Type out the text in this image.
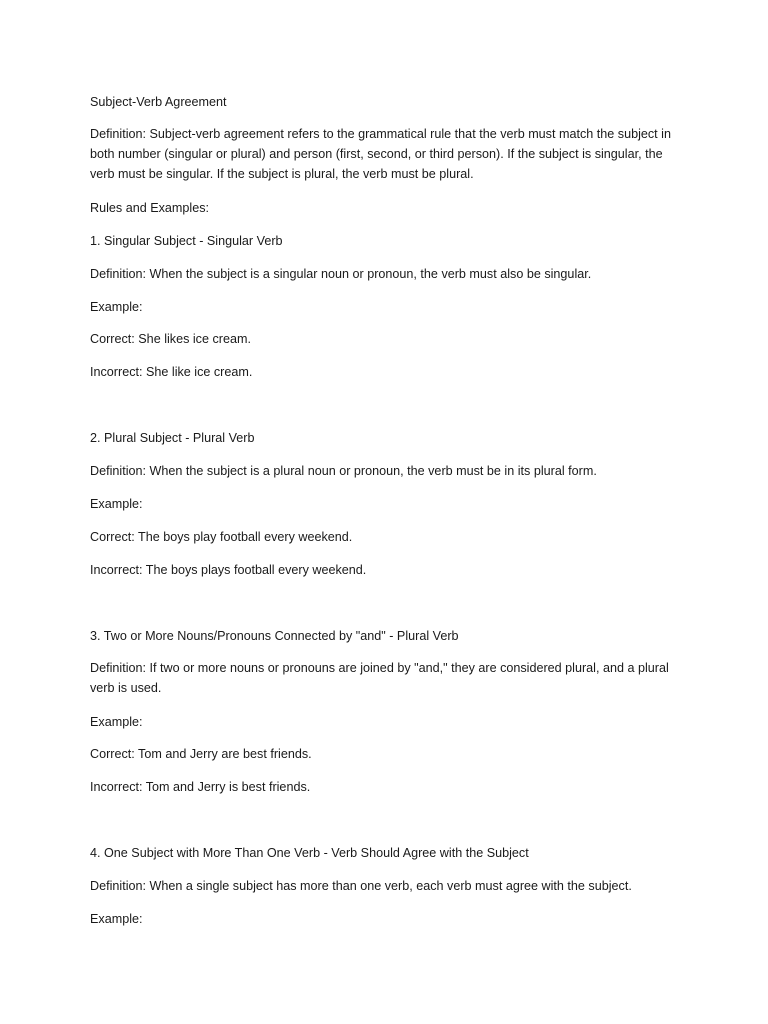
Subject-Verb Agreement

Definition: Subject-verb agreement refers to the grammatical rule that the verb must match the subject in both number (singular or plural) and person (first, second, or third person). If the subject is singular, the verb must be singular. If the subject is plural, the verb must be plural.

Rules and Examples:

1. Singular Subject - Singular Verb

Definition: When the subject is a singular noun or pronoun, the verb must also be singular.

Example:

Correct: She likes ice cream.

Incorrect: She like ice cream.

2. Plural Subject - Plural Verb

Definition: When the subject is a plural noun or pronoun, the verb must be in its plural form.

Example:

Correct: The boys play football every weekend.

Incorrect: The boys plays football every weekend.

3. Two or More Nouns/Pronouns Connected by "and" - Plural Verb

Definition: If two or more nouns or pronouns are joined by "and," they are considered plural, and a plural verb is used.

Example:

Correct: Tom and Jerry are best friends.

Incorrect: Tom and Jerry is best friends.

4. One Subject with More Than One Verb - Verb Should Agree with the Subject

Definition: When a single subject has more than one verb, each verb must agree with the subject.

Example:
